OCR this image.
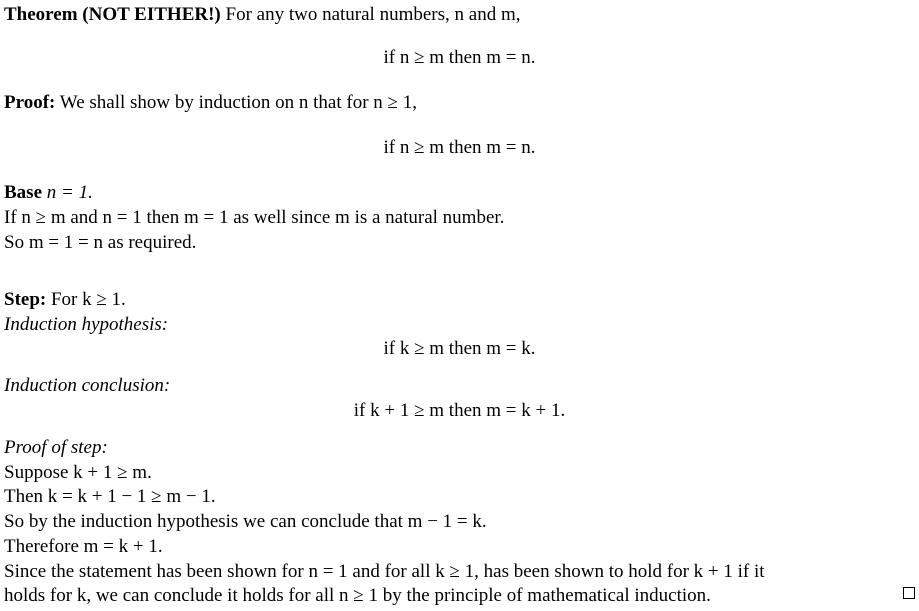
Theorem (NOT EITHER!) For any two natural numbers, n and m,
if n ≥ m then m = n.
Proof: We shall show by induction on n that for n ≥ 1,
if n ≥ m then m = n.
Base n = 1.
If n ≥ m and n = 1 then m = 1 as well since m is a natural number.
So m = 1 = n as required.
Step: For k ≥ 1.
Induction hypothesis:
if k ≥ m then m = k.
Induction conclusion:
if k + 1 ≥ m then m = k + 1.
Proof of step:
Suppose k + 1 ≥ m.
Then k = k + 1 − 1 ≥ m − 1.
So by the induction hypothesis we can conclude that m − 1 = k.
Therefore m = k + 1.
Since the statement has been shown for n = 1 and for all k ≥ 1, has been shown to hold for k + 1 if it
holds for k, we can conclude it holds for all n ≥ 1 by the principle of mathematical induction.
